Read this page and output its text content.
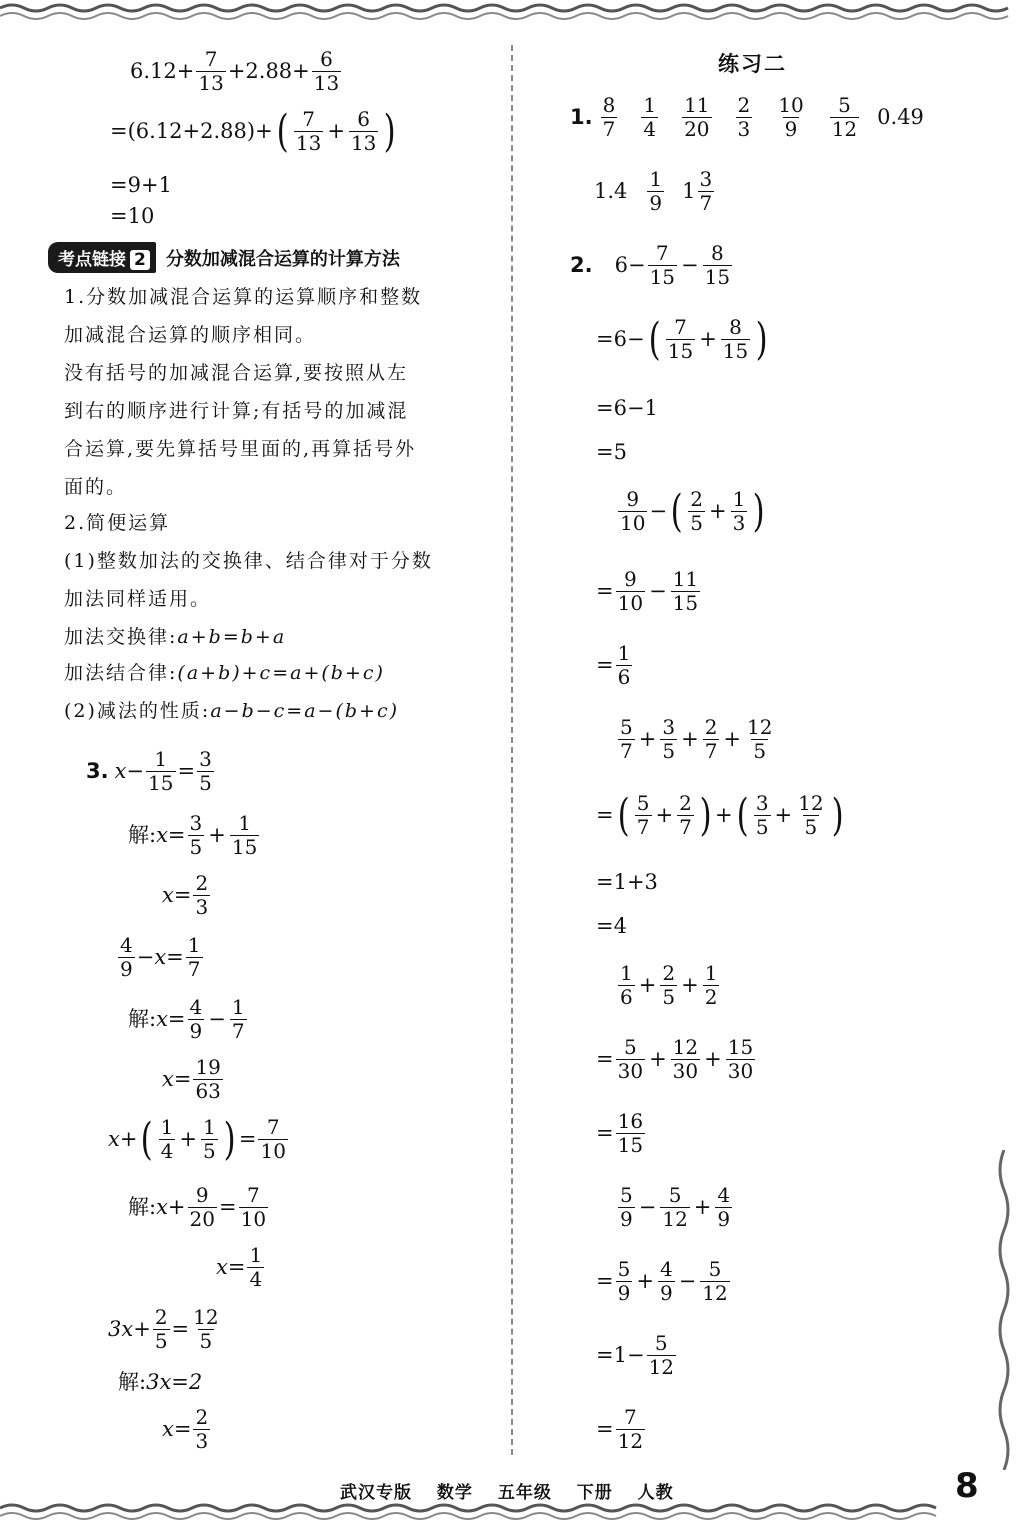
$6.12+ \frac{7}{13} +2.88+ \frac{6}{13}$
=(6.12+2.88)+ ( $\frac{7}{13} + \frac{6}{13}$ )
=9+1
=10
考点链接 2	分数加减混合运算的计算方法
1.分数加减混合运算的运算顺序和整数
加减混合运算的顺序相同。
没有括号的加减混合运算,要按照从左
到右的顺序进行计算;有括号的加减混
合运算,要先算括号里面的,再算括号外
面的。
2.简便运算
(1)整数加法的交换律、结合律对于分数
加法同样适用。
加法交换律:a+b=b+a
加法结合律:(a+b)+c=a+(b+c)
(2)减法的性质:a−b−c=a−(b+c)
3. $x- \frac{1}{15} = \frac{3}{5}$
解: $x= \frac{3}{5} + \frac{1}{15}$
$x= \frac{2}{3}$
$\frac{4}{9} -x= \frac{1}{7}$
解: $x= \frac{4}{9} - \frac{1}{7}$
$x= \frac{19}{63}$
x+ ( $\frac{1}{4} + \frac{1}{5}$ ) = $\frac{7}{10}$
解: $x+ \frac{9}{20} = \frac{7}{10}$
$x= \frac{1}{4}$
$3x+ \frac{2}{5} = \frac{12}{5}$
解: 3x=2
$x= \frac{2}{3}$
练习二
1. $\frac{8}{7} \frac{1}{4} \frac{11}{20} \frac{2}{3} \frac{10}{9} \frac{5}{12} 0.49$
$1.4 \frac{1}{9} 1 \frac{3}{7}$
2. $6- \frac{7}{15} - \frac{8}{15}$
=6− ( $\frac{7}{15} + \frac{8}{15}$ )
=6−1
=5
$\frac{9}{10}$ − ( $\frac{2}{5} + \frac{1}{3}$ )
= $\frac{9}{10} - \frac{11}{15}$
= $\frac{1}{6}$
$\frac{5}{7} + \frac{3}{5} + \frac{2}{7} + \frac{12}{5}$
= ( $\frac{5}{7} + \frac{2}{7}$ ) + ( $\frac{3}{5} + \frac{12}{5}$ )
=1+3
=4
$\frac{1}{6} + \frac{2}{5} + \frac{1}{2}$
= $\frac{5}{30} + \frac{12}{30} + \frac{15}{30}$
= $\frac{16}{15}$
$\frac{5}{9} - \frac{5}{12} + \frac{4}{9}$
= $\frac{5}{9} + \frac{4}{9} - \frac{5}{12}$
$=1- \frac{5}{12}$
= $\frac{7}{12}$
武汉专版 数学 五年级 下册 人教	8
